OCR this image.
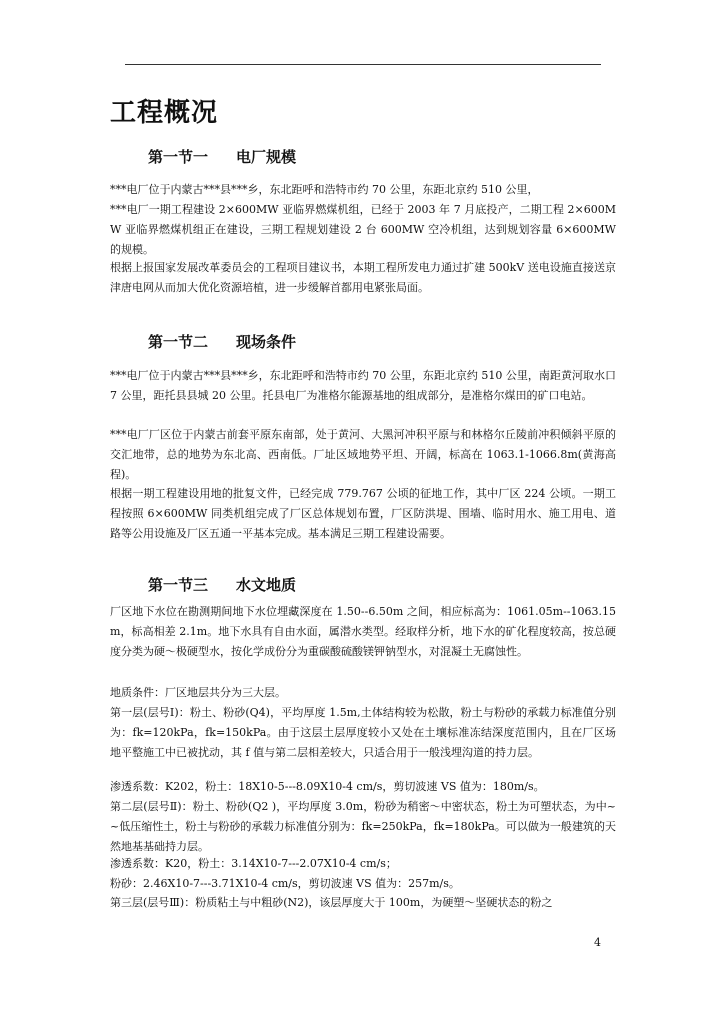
工程概况
第一节一 电厂规模

***电厂位于内蒙古***县***乡，东北距呼和浩特市约 70 公里，东距北京约 510 公里，

***电厂一期工程建设 2×600MW 亚临界燃煤机组，已经于 2003 年 7 月底投产，二期工程 2×600MW 亚临界燃煤机组正在建设，三期工程规划建设 2 台 600MW 空冷机组，达到规划容量 6×600MW 的规模。

根据上报国家发展改革委员会的工程项目建议书，本期工程所发电力通过扩建 500kV 送电设施直接送京津唐电网从而加大优化资源培植，进一步缓解首都用电紧张局面。

第一节二 现场条件

***电厂位于内蒙古***县***乡，东北距呼和浩特市约 70 公里，东距北京约 510 公里，南距黄河取水口 7 公里，距托县县城 20 公里。托县电厂为准格尔能源基地的组成部分，是准格尔煤田的矿口电站。

***电厂厂区位于内蒙古前套平原东南部，处于黄河、大黑河冲积平原与和林格尔丘陵前冲积倾斜平原的交汇地带，总的地势为东北高、西南低。厂址区域地势平坦、开阔，标高在 1063.1-1066.8m(黄海高程)。

根据一期工程建设用地的批复文件，已经完成 779.767 公顷的征地工作，其中厂区 224 公顷。一期工程按照 6×600MW 同类机组完成了厂区总体规划布置，厂区防洪堤、围墙、临时用水、施工用电、道路等公用设施及厂区五通一平基本完成。基本满足三期工程建设需要。

第一节三 水文地质

厂区地下水位在勘测期间地下水位埋藏深度在 1.50--6.50m 之间，相应标高为：1061.05m--1063.15m，标高相差 2.1m。地下水具有自由水面，属潜水类型。经取样分析，地下水的矿化程度较高，按总硬度分类为硬～极硬型水，按化学成份分为重碳酸硫酸镁钾钠型水，对混凝土无腐蚀性。

地质条件：厂区地层共分为三大层。

第一层(层号Ⅰ)：粉土、粉砂(Q4)，平均厚度 1.5m,土体结构较为松散，粉土与粉砂的承载力标准值分别为：fk=120kPa，fk=150kPa。由于这层土层厚度较小又处在土壤标准冻结深度范围内，且在厂区场地平整施工中已被扰动，其 f 值与第二层相差较大，只适合用于一般浅埋沟道的持力层。

渗透系数：K202，粉土：18X10-5---8.09X10-4 cm/s，剪切波速 VS 值为：180m/s。

第二层(层号Ⅱ)：粉土、粉砂(Q2 )，平均厚度 3.0m，粉砂为稍密～中密状态，粉土为可塑状态，为中~~低压缩性土，粉土与粉砂的承载力标准值分别为：fk=250kPa，fk=180kPa。可以做为一般建筑的天然地基基础持力层。

渗透系数：K20，粉土：3.14X10-7---2.07X10-4 cm/s；

粉砂：2.46X10-7---3.71X10-4 cm/s，剪切波速 VS 值为：257m/s。

第三层(层号Ⅲ)：粉质粘土与中粗砂(N2)，该层厚度大于 100m，为硬塑～坚硬状态的粉之

4
